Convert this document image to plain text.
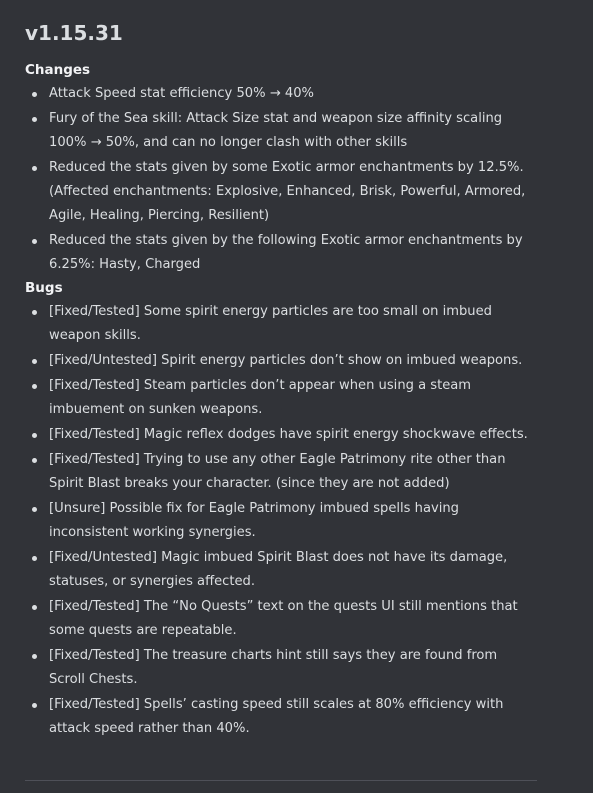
v1.15.31
Changes
Attack Speed stat efficiency 50% → 40%
Fury of the Sea skill: Attack Size stat and weapon size affinity scaling 100% → 50%, and can no longer clash with other skills
Reduced the stats given by some Exotic armor enchantments by 12.5%. (Affected enchantments: Explosive, Enhanced, Brisk, Powerful, Armored, Agile, Healing, Piercing, Resilient)
Reduced the stats given by the following Exotic armor enchantments by 6.25%: Hasty, Charged
Bugs
[Fixed/Tested] Some spirit energy particles are too small on imbued weapon skills.
[Fixed/Untested] Spirit energy particles don’t show on imbued weapons.
[Fixed/Tested] Steam particles don’t appear when using a steam imbuement on sunken weapons.
[Fixed/Tested] Magic reflex dodges have spirit energy shockwave effects.
[Fixed/Tested] Trying to use any other Eagle Patrimony rite other than Spirit Blast breaks your character. (since they are not added)
[Unsure] Possible fix for Eagle Patrimony imbued spells having inconsistent working synergies.
[Fixed/Untested] Magic imbued Spirit Blast does not have its damage, statuses, or synergies affected.
[Fixed/Tested] The “No Quests” text on the quests UI still mentions that some quests are repeatable.
[Fixed/Tested] The treasure charts hint still says they are found from Scroll Chests.
[Fixed/Tested] Spells’ casting speed still scales at 80% efficiency with attack speed rather than 40%.
